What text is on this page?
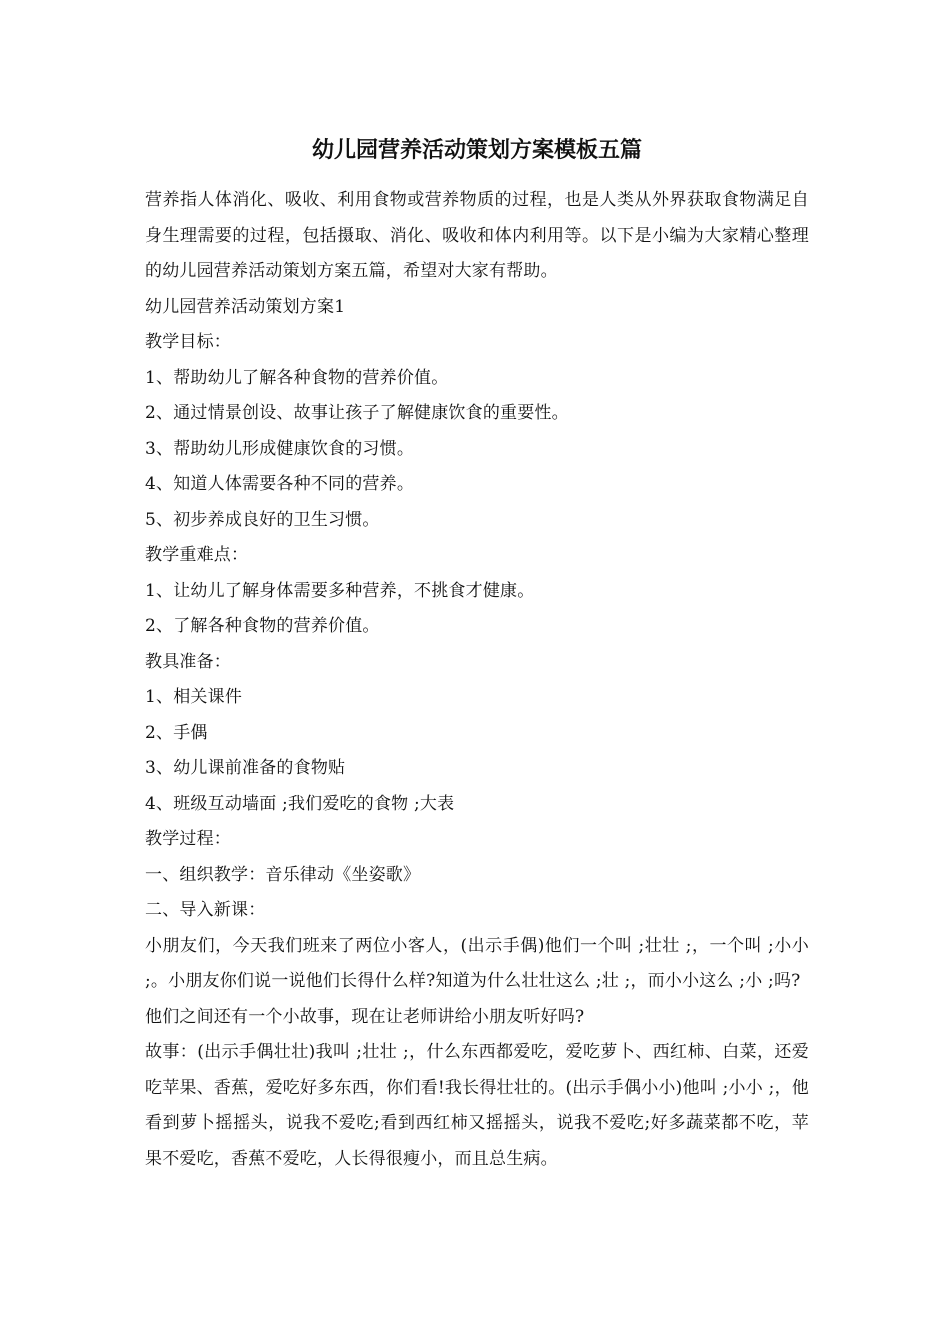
幼儿园营养活动策划方案模板五篇

营养指人体消化、吸收、利用食物或营养物质的过程，也是人类从外界获取食物满足自身生理需要的过程，包括摄取、消化、吸收和体内利用等。以下是小编为大家精心整理的幼儿园营养活动策划方案五篇，希望对大家有帮助。

幼儿园营养活动策划方案1

教学目标：

1、帮助幼儿了解各种食物的营养价值。

2、通过情景创设、故事让孩子了解健康饮食的重要性。

3、帮助幼儿形成健康饮食的习惯。

4、知道人体需要各种不同的营养。

5、初步养成良好的卫生习惯。

教学重难点：

1、让幼儿了解身体需要多种营养，不挑食才健康。

2、了解各种食物的营养价值。

教具准备：

1、相关课件

2、手偶

3、幼儿课前准备的食物贴

4、班级互动墙面 ;我们爱吃的食物 ;大表

教学过程：

一、组织教学：音乐律动《坐姿歌》

二、导入新课：

小朋友们，今天我们班来了两位小客人，(出示手偶)他们一个叫 ;壮壮 ;，一个叫 ;小小 ;。小朋友你们说一说他们长得什么样?知道为什么壮壮这么 ;壮 ;，而小小这么 ;小 ;吗?

他们之间还有一个小故事，现在让老师讲给小朋友听好吗?

故事：(出示手偶壮壮)我叫 ;壮壮 ;，什么东西都爱吃，爱吃萝卜、西红柿、白菜，还爱吃苹果、香蕉，爱吃好多东西，你们看!我长得壮壮的。(出示手偶小小)他叫 ;小小 ;，他看到萝卜摇摇头，说我不爱吃;看到西红柿又摇摇头，说我不爱吃;好多蔬菜都不吃，苹果不爱吃，香蕉不爱吃，人长得很瘦小，而且总生病。
